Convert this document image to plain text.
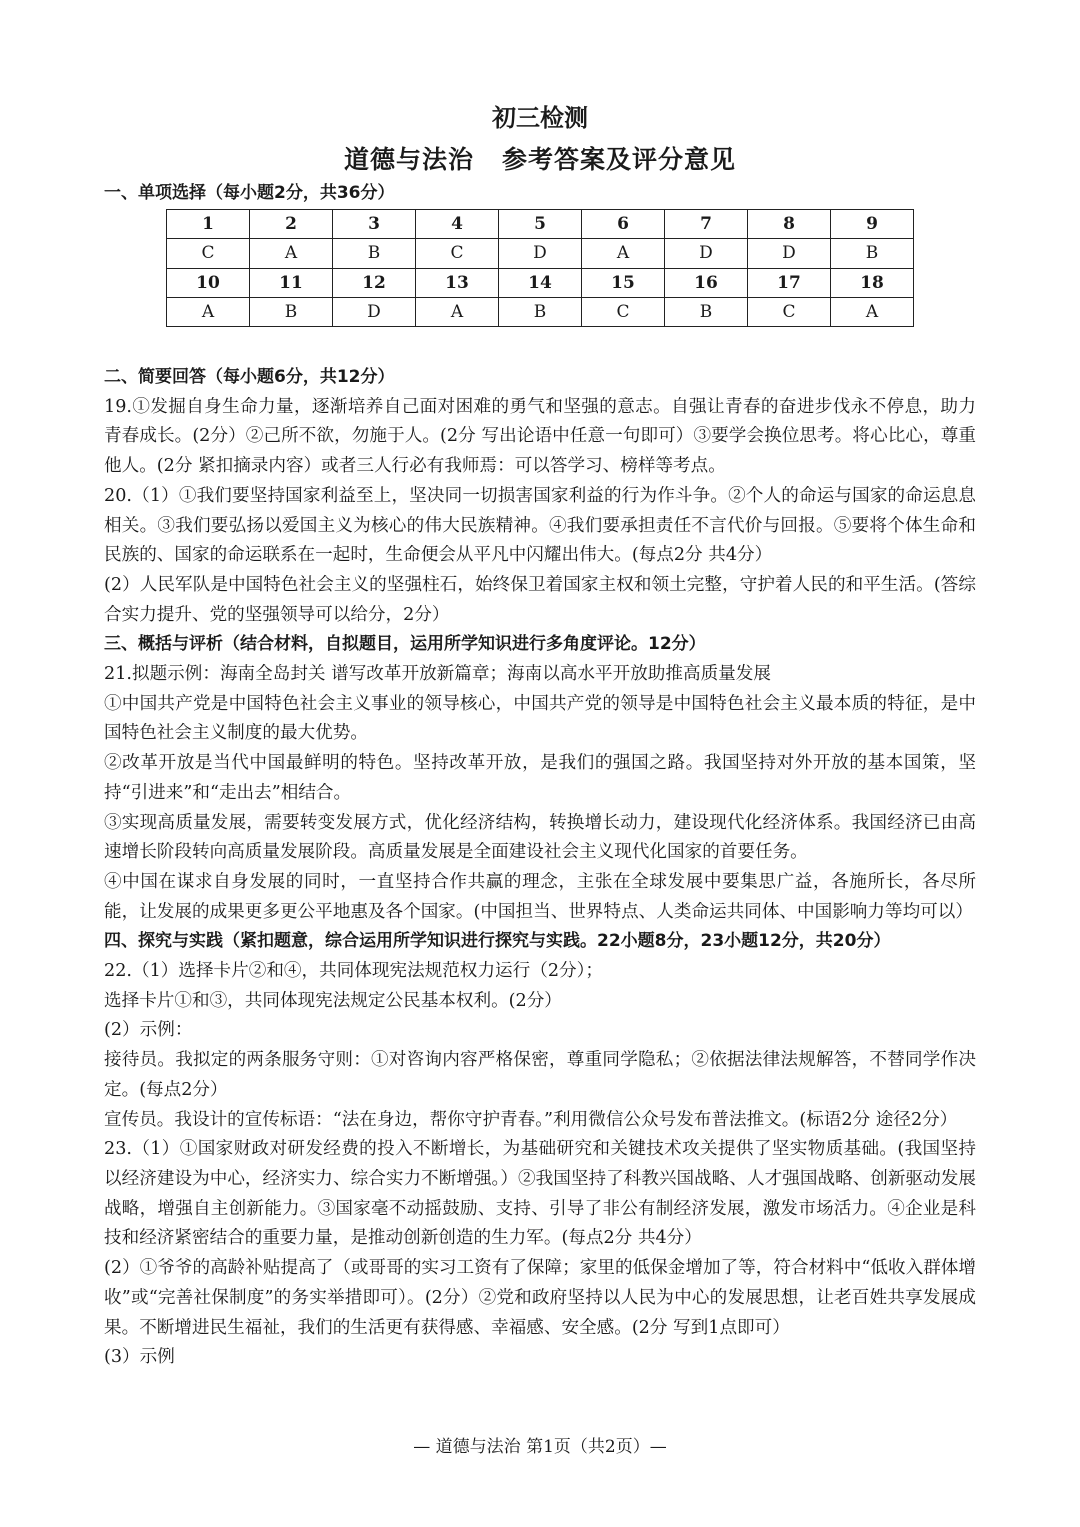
初三检测
道德与法治 参考答案及评分意见
一、单项选择（每小题2分，共36分）
1	2	3	4	5	6	7	8	9
C	A	B	C	D	A	D	D	B
10	11	12	13	14	15	16	17	18
A	B	D	A	B	C	B	C	A

二、简要回答（每小题6分，共12分）

19.①发掘自身生命力量，逐渐培养自己面对困难的勇气和坚强的意志。自强让青春的奋进步伐永不停息，助力青春成长。(2分）②己所不欲，勿施于人。(2分 写出论语中任意一句即可）③要学会换位思考。将心比心，尊重他人。(2分 紧扣摘录内容）或者三人行必有我师焉：可以答学习、榜样等考点。

20.（1）①我们要坚持国家利益至上，坚决同一切损害国家利益的行为作斗争。②个人的命运与国家的命运息息相关。③我们要弘扬以爱国主义为核心的伟大民族精神。④我们要承担责任不言代价与回报。⑤要将个体生命和民族的、国家的命运联系在一起时，生命便会从平凡中闪耀出伟大。(每点2分 共4分）

(2）人民军队是中国特色社会主义的坚强柱石，始终保卫着国家主权和领土完整，守护着人民的和平生活。(答综合实力提升、党的坚强领导可以给分，2分）

三、概括与评析（结合材料，自拟题目，运用所学知识进行多角度评论。12分）

21.拟题示例：海南全岛封关 谱写改革开放新篇章；海南以高水平开放助推高质量发展

①中国共产党是中国特色社会主义事业的领导核心，中国共产党的领导是中国特色社会主义最本质的特征，是中国特色社会主义制度的最大优势。

②改革开放是当代中国最鲜明的特色。坚持改革开放，是我们的强国之路。我国坚持对外开放的基本国策，坚持“引进来”和“走出去”相结合。

③实现高质量发展，需要转变发展方式，优化经济结构，转换增长动力，建设现代化经济体系。我国经济已由高速增长阶段转向高质量发展阶段。高质量发展是全面建设社会主义现代化国家的首要任务。

④中国在谋求自身发展的同时，一直坚持合作共赢的理念，主张在全球发展中要集思广益，各施所长，各尽所能，让发展的成果更多更公平地惠及各个国家。(中国担当、世界特点、人类命运共同体、中国影响力等均可以）

四、探究与实践（紧扣题意，综合运用所学知识进行探究与实践。22小题8分，23小题12分，共20分）

22.（1）选择卡片②和④，共同体现宪法规范权力运行（2分）；

选择卡片①和③，共同体现宪法规定公民基本权利。(2分）

(2）示例：

接待员。我拟定的两条服务守则：①对咨询内容严格保密，尊重同学隐私；②依据法律法规解答，不替同学作决定。(每点2分）

宣传员。我设计的宣传标语：“法在身边，帮你守护青春。”利用微信公众号发布普法推文。(标语2分 途径2分）

23.（1）①国家财政对研发经费的投入不断增长，为基础研究和关键技术攻关提供了坚实物质基础。(我国坚持以经济建设为中心，经济实力、综合实力不断增强。）②我国坚持了科教兴国战略、人才强国战略、创新驱动发展战略，增强自主创新能力。③国家毫不动摇鼓励、支持、引导了非公有制经济发展，激发市场活力。④企业是科技和经济紧密结合的重要力量，是推动创新创造的生力军。(每点2分 共4分）

(2）①爷爷的高龄补贴提高了（或哥哥的实习工资有了保障；家里的低保金增加了等，符合材料中“低收入群体增收”或“完善社保制度”的务实举措即可）。(2分）②党和政府坚持以人民为中心的发展思想，让老百姓共享发展成果。不断增进民生福祉，我们的生活更有获得感、幸福感、安全感。(2分 写到1点即可）

(3）示例

— 道德与法治 第1页（共2页）—
